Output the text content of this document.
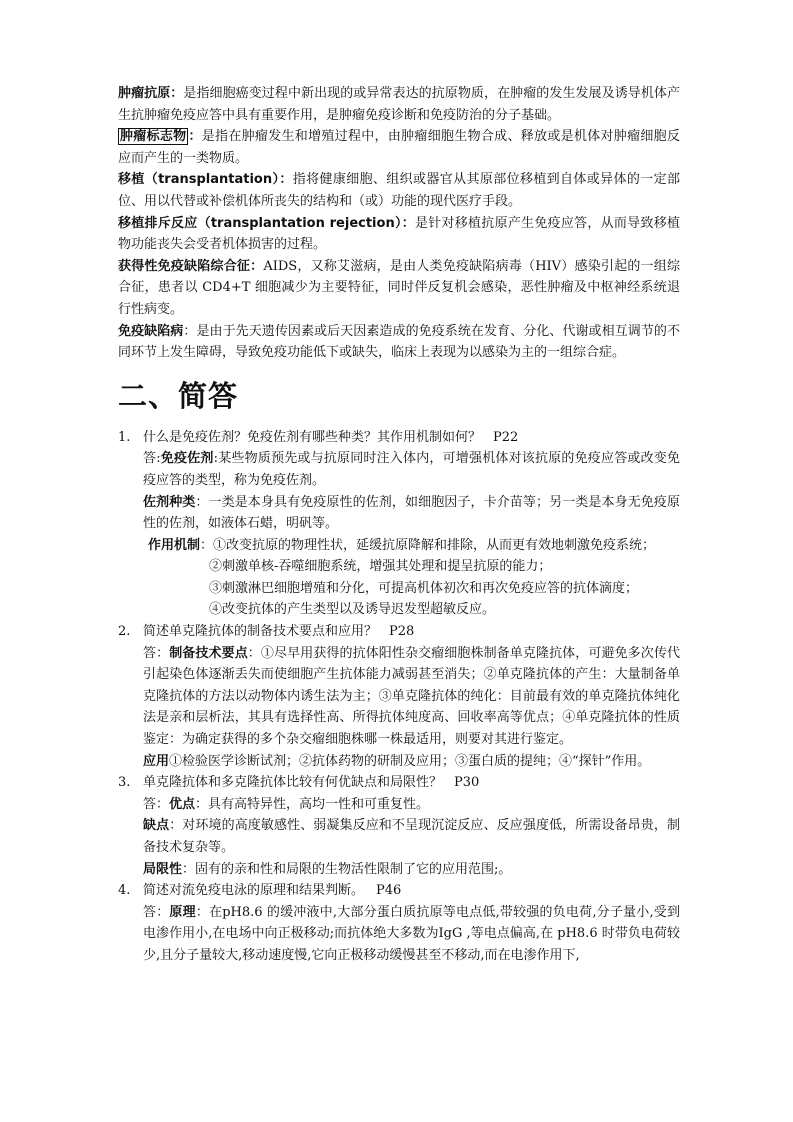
肿瘤抗原：是指细胞癌变过程中新出现的或异常表达的抗原物质，在肿瘤的发生发展及诱导机体产生抗肿瘤免疫应答中具有重要作用，是肿瘤免疫诊断和免疫防治的分子基础。

肿瘤标志物 ：是指在肿瘤发生和增殖过程中，由肿瘤细胞生物合成、释放或是机体对肿瘤细胞反应而产生的一类物质。

移植（transplantation）：指将健康细胞、组织或器官从其原部位移植到自体或异体的一定部位、用以代替或补偿机体所丧失的结构和（或）功能的现代医疗手段。

移植排斥反应（transplantation rejection）：是针对移植抗原产生免疫应答，从而导致移植物功能丧失会受者机体损害的过程。

获得性免疫缺陷综合征：AIDS，又称艾滋病，是由人类免疫缺陷病毒（HIV）感染引起的一组综合征，患者以 CD4+T 细胞减少为主要特征，同时伴反复机会感染，恶性肿瘤及中枢神经系统退行性病变。

免疫缺陷病：是由于先天遗传因素或后天因素造成的免疫系统在发育、分化、代谢或相互调节的不同环节上发生障碍，导致免疫功能低下或缺失，临床上表现为以感染为主的一组综合症。

二、简答

1. 什么是免疫佐剂？免疫佐剂有哪些种类？其作用机制如何？ P22

答:免疫佐剂:某些物质预先或与抗原同时注入体内，可增强机体对该抗原的免疫应答或改变免疫应答的类型，称为免疫佐剂。

佐剂种类：一类是本身具有免疫原性的佐剂，如细胞因子，卡介苗等；另一类是本身无免疫原性的佐剂，如液体石蜡，明矾等。

作用机制：①改变抗原的物理性状，延缓抗原降解和排除，从而更有效地刺激免疫系统；

②刺激单核-吞噬细胞系统，增强其处理和提呈抗原的能力；

③刺激淋巴细胞增殖和分化，可提高机体初次和再次免疫应答的抗体滴度；

④改变抗体的产生类型以及诱导迟发型超敏反应。

2. 简述单克隆抗体的制备技术要点和应用？ P28

答：制备技术要点：①尽早用获得的抗体阳性杂交瘤细胞株制备单克隆抗体，可避免多次传代引起染色体逐渐丢失而使细胞产生抗体能力减弱甚至消失；②单克隆抗体的产生：大量制备单克隆抗体的方法以动物体内诱生法为主；③单克隆抗体的纯化：目前最有效的单克隆抗体纯化法是亲和层析法，其具有选择性高、所得抗体纯度高、回收率高等优点；④单克隆抗体的性质鉴定：为确定获得的多个杂交瘤细胞株哪一株最适用，则要对其进行鉴定。

应用①检验医学诊断试剂；②抗体药物的研制及应用；③蛋白质的提纯；④“探针”作用。

3. 单克隆抗体和多克隆抗体比较有何优缺点和局限性？ P30

答：优点：具有高特异性，高均一性和可重复性。

缺点：对环境的高度敏感性、弱凝集反应和不呈现沉淀反应、反应强度低，所需设备昂贵，制备技术复杂等。

局限性：固有的亲和性和局限的生物活性限制了它的应用范围;。

4. 简述对流免疫电泳的原理和结果判断。 P46

答：原理：在pH8.6 的缓冲液中,大部分蛋白质抗原等电点低,带较强的负电荷,分子量小,受到电渗作用小,在电场中向正极移动;而抗体绝大多数为IgG ,等电点偏高,在 pH8.6 时带负电荷较少,且分子量较大,移动速度慢,它向正极移动缓慢甚至不移动,而在电渗作用下,
